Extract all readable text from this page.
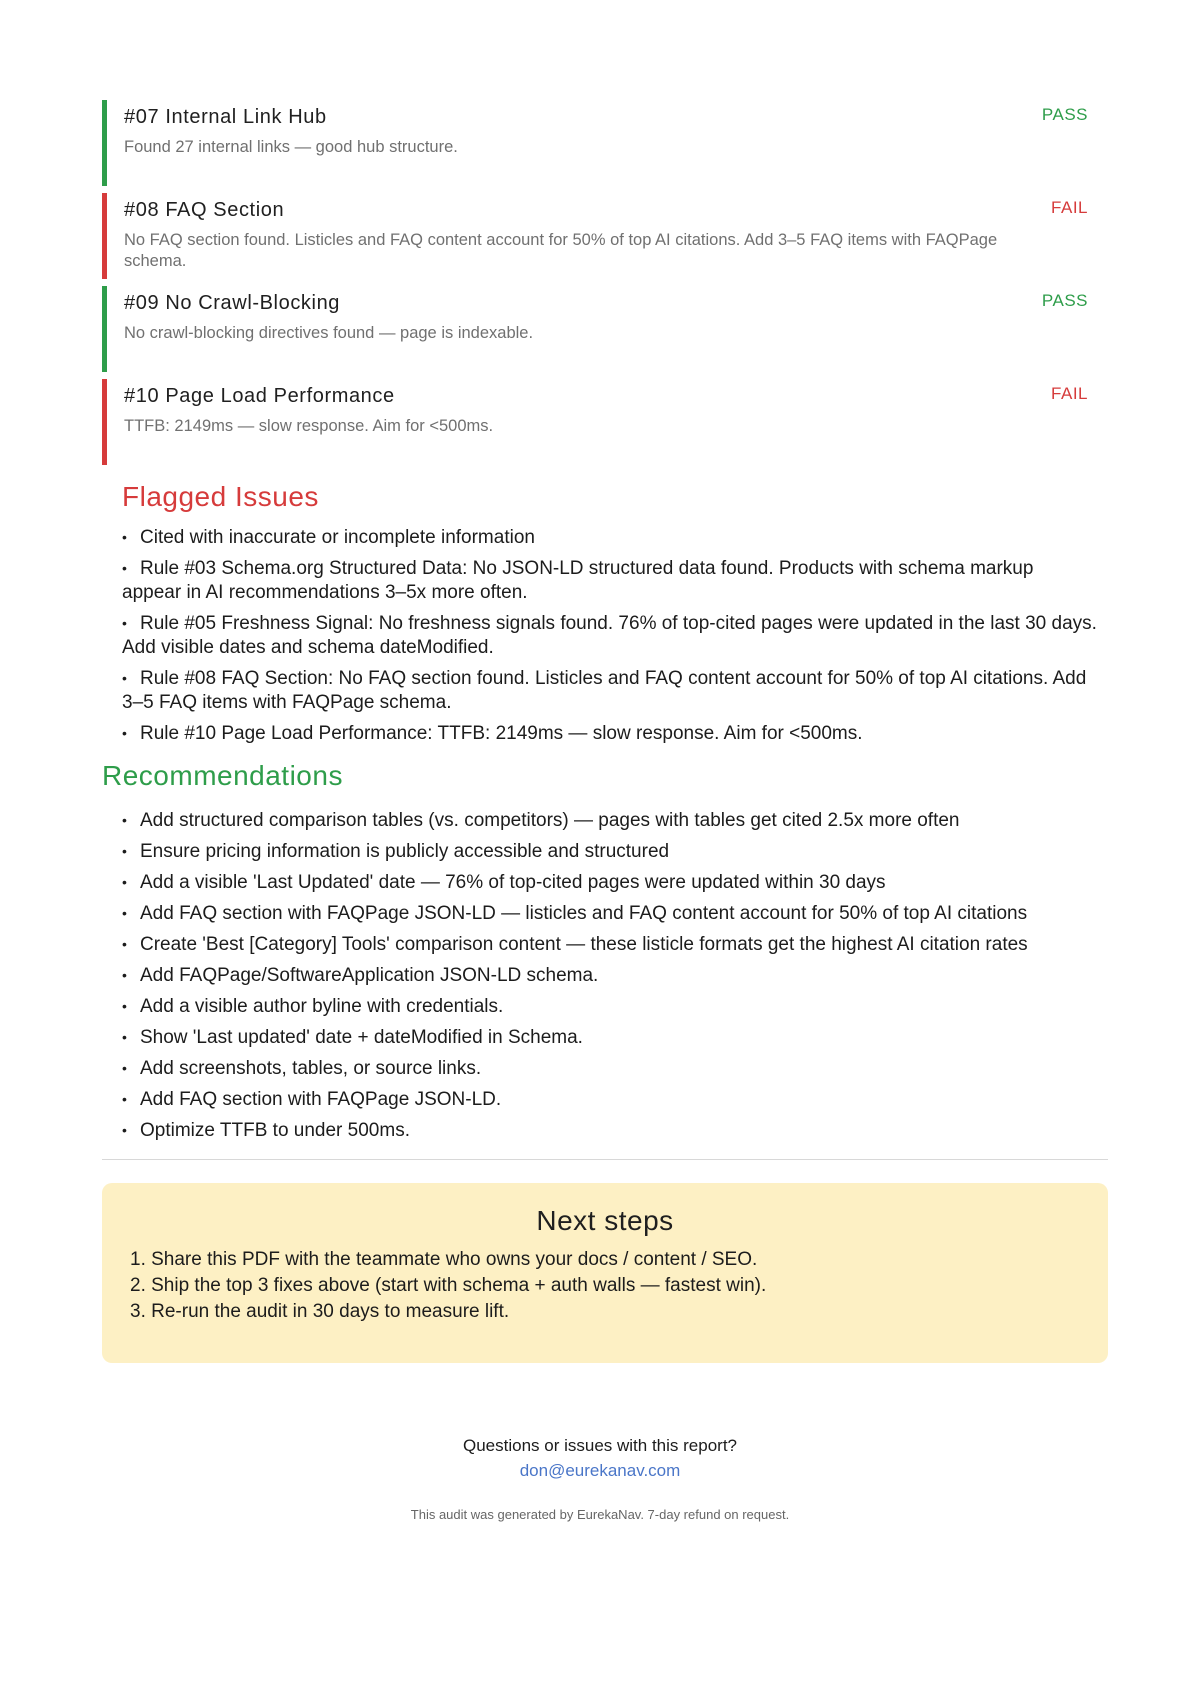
#07 Internal Link Hub	PASS
Found 27 internal links — good hub structure.
#08 FAQ Section	FAIL
No FAQ section found. Listicles and FAQ content account for 50% of top AI citations. Add 3–5 FAQ items with FAQPage schema.
#09 No Crawl-Blocking	PASS
No crawl-blocking directives found — page is indexable.
#10 Page Load Performance	FAIL
TTFB: 2149ms — slow response. Aim for <500ms.
Flagged Issues
• Cited with inaccurate or incomplete information
• Rule #03 Schema.org Structured Data: No JSON-LD structured data found. Products with schema markup appear in AI recommendations 3–5x more often.
• Rule #05 Freshness Signal: No freshness signals found. 76% of top-cited pages were updated in the last 30 days. Add visible dates and schema dateModified.
• Rule #08 FAQ Section: No FAQ section found. Listicles and FAQ content account for 50% of top AI citations. Add 3–5 FAQ items with FAQPage schema.
• Rule #10 Page Load Performance: TTFB: 2149ms — slow response. Aim for <500ms.
Recommendations
• Add structured comparison tables (vs. competitors) — pages with tables get cited 2.5x more often
• Ensure pricing information is publicly accessible and structured
• Add a visible 'Last Updated' date — 76% of top-cited pages were updated within 30 days
• Add FAQ section with FAQPage JSON-LD — listicles and FAQ content account for 50% of top AI citations
• Create 'Best [Category] Tools' comparison content — these listicle formats get the highest AI citation rates
• Add FAQPage/SoftwareApplication JSON-LD schema.
• Add a visible author byline with credentials.
• Show 'Last updated' date + dateModified in Schema.
• Add screenshots, tables, or source links.
• Add FAQ section with FAQPage JSON-LD.
• Optimize TTFB to under 500ms.
Next steps
1. Share this PDF with the teammate who owns your docs / content / SEO.
2. Ship the top 3 fixes above (start with schema + auth walls — fastest win).
3. Re-run the audit in 30 days to measure lift.
Questions or issues with this report?
don@eurekanav.com
This audit was generated by EurekaNav. 7-day refund on request.
